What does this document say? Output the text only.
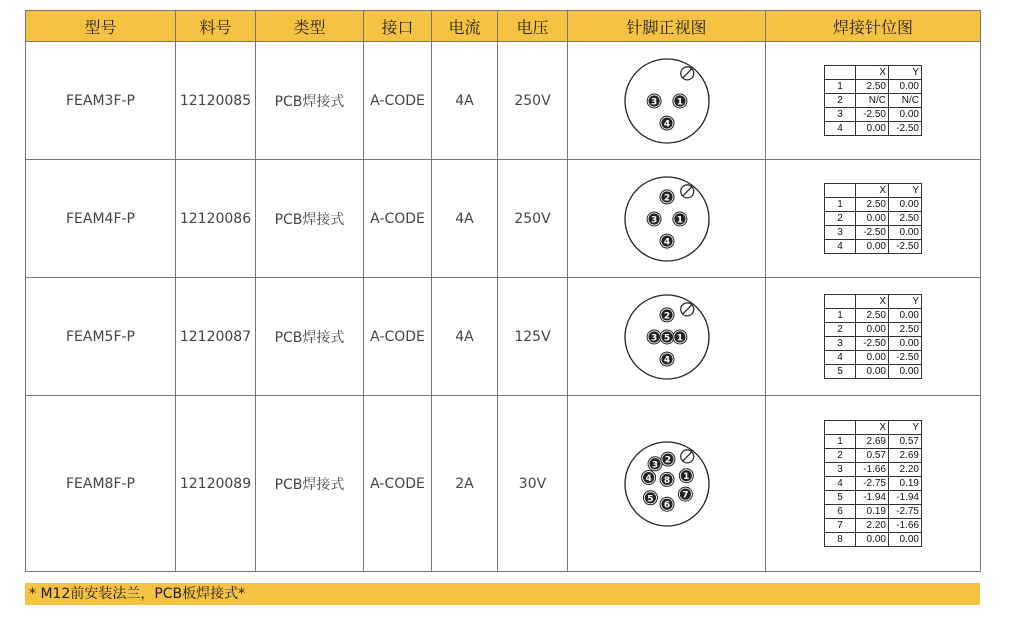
型号	料号	类型	接口	电流	电压	针脚正视图	焊接针位图
FEAM3F-P	12120085	PCB焊接式	A-CODE	4A	250V	1
3
4

	X	Y
1	2.50	0.00
2	N/C	N/C
3	-2.50	0.00
4	0.00	-2.50

FEAM4F-P	12120086	PCB焊接式	A-CODE	4A	250V	
2
1
3
4

	X	Y
1	2.50	0.00
2	0.00	2.50
3	-2.50	0.00
4	0.00	-2.50

FEAM5F-P	12120087	PCB焊接式	A-CODE	4A	125V	
2
3 5 1
4

	X	Y
1	2.50	0.00
2	0.00	2.50
3	-2.50	0.00
4	0.00	-2.50
5	0.00	0.00

FEAM8F-P	12120089	PCB焊接式	A-CODE	2A	30V	
3 2
4 8 1
5
6
7

	X	Y
1	2.69	0.57
2	0.57	2.69
3	-1.66	2.20
4	-2.75	0.19
5	-1.94	-1.94
6	0.19	-2.75
7	2.20	-1.66
8	0.00	0.00
* M12前安装法兰，PCB板焊接式*
